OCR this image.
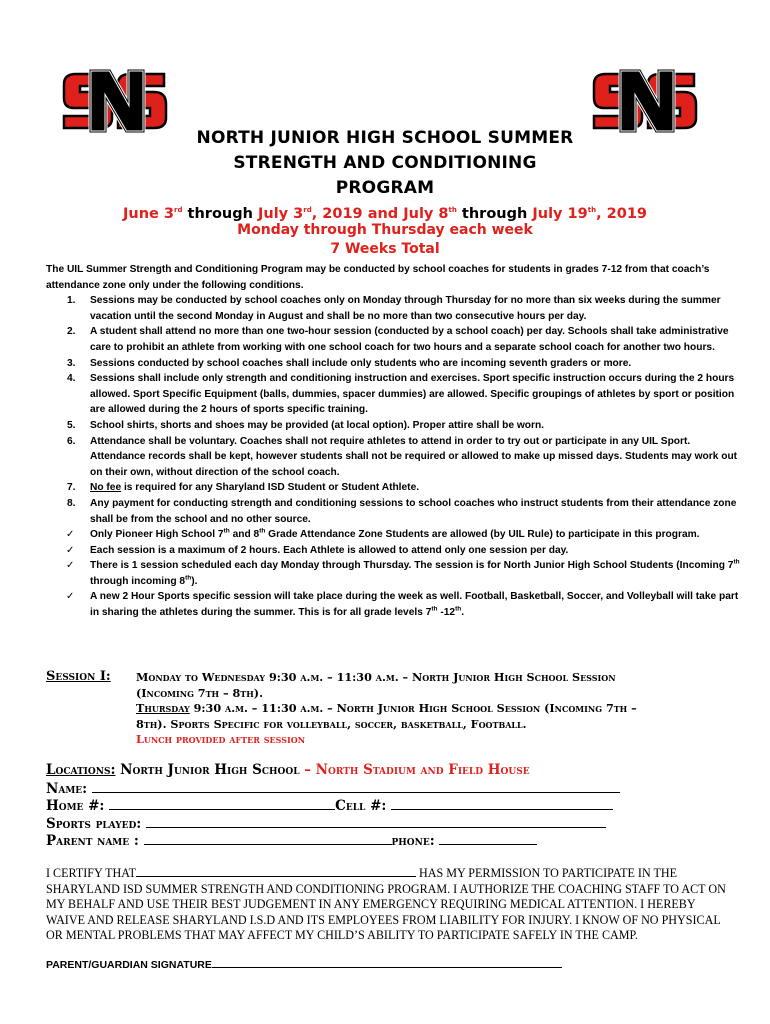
NORTH JUNIOR HIGH SCHOOL SUMMER
STRENGTH AND CONDITIONING
PROGRAM
June 3rd through July 3rd, 2019 and July 8th through July 19th, 2019
Monday through Thursday each week
7 Weeks Total

The UIL Summer Strength and Conditioning Program may be conducted by school coaches for students in grades 7-12 from that coach’s attendance zone only under the following conditions.

1. Sessions may be conducted by school coaches only on Monday through Thursday for no more than six weeks during the summer vacation until the second Monday in August and shall be no more than two consecutive hours per day.
2. A student shall attend no more than one two-hour session (conducted by a school coach) per day. Schools shall take administrative care to prohibit an athlete from working with one school coach for two hours and a separate school coach for another two hours.
3. Sessions conducted by school coaches shall include only students who are incoming seventh graders or more.
4. Sessions shall include only strength and conditioning instruction and exercises. Sport specific instruction occurs during the 2 hours allowed. Sport Specific Equipment (balls, dummies, spacer dummies) are allowed. Specific groupings of athletes by sport or position are allowed during the 2 hours of sports specific training.
5. School shirts, shorts and shoes may be provided (at local option). Proper attire shall be worn.
6. Attendance shall be voluntary. Coaches shall not require athletes to attend in order to try out or participate in any UIL Sport. Attendance records shall be kept, however students shall not be required or allowed to make up missed days. Students may work out on their own, without direction of the school coach.
7. No fee is required for any Sharyland ISD Student or Student Athlete.
8. Any payment for conducting strength and conditioning sessions to school coaches who instruct students from their attendance zone shall be from the school and no other source.
✓ Only Pioneer High School 7th and 8th Grade Attendance Zone Students are allowed (by UIL Rule) to participate in this program.
✓ Each session is a maximum of 2 hours. Each Athlete is allowed to attend only one session per day.
✓ There is 1 session scheduled each day Monday through Thursday. The session is for North Junior High School Students (Incoming 7th through incoming 8th).
✓ A new 2 Hour Sports specific session will take place during the week as well. Football, Basketball, Soccer, and Volleyball will take part in sharing the athletes during the summer. This is for all grade levels 7th -12th.
Session I: Monday to Wednesday 9:30 a.m. – 11:30 a.m. – North Junior High School Session
(Incoming 7th – 8th).
Thursday 9:30 a.m. – 11:30 a.m. – North Junior High School Session (Incoming 7th –
8th). Sports Specific for volleyball, soccer, basketball, Football.
Lunch provided after session
Locations: North Junior High School – North Stadium and Field House
Name:
Home #:	Cell #:
Sports played:
Parent name :	phone:
I CERTIFY THAT	HAS MY PERMISSION TO PARTICIPATE IN THE SHARYLAND ISD SUMMER STRENGTH AND CONDITIONING PROGRAM. I AUTHORIZE THE COACHING STAFF TO ACT ON MY BEHALF AND USE THEIR BEST JUDGEMENT IN ANY EMERGENCY REQUIRING MEDICAL ATTENTION. I HEREBY WAIVE AND RELEASE SHARYLAND I.S.D AND ITS EMPLOYEES FROM LIABILITY FOR INJURY. I KNOW OF NO PHYSICAL OR MENTAL PROBLEMS THAT MAY AFFECT MY CHILD’S ABILITY TO PARTICIPATE SAFELY IN THE CAMP.
PARENT/GUARDIAN SIGNATURE
